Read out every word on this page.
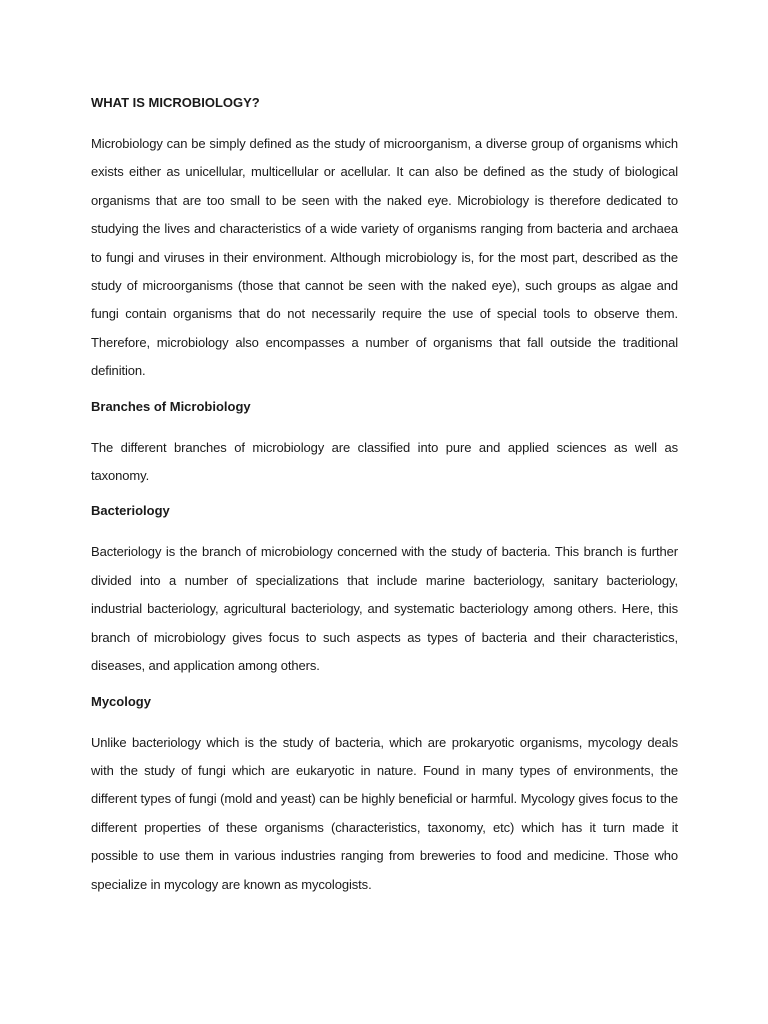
WHAT IS MICROBIOLOGY?

Microbiology can be simply defined as the study of microorganism, a diverse group of organisms which exists either as unicellular, multicellular or acellular. It can also be defined as the study of biological organisms that are too small to be seen with the naked eye. Microbiology is therefore dedicated to studying the lives and characteristics of a wide variety of organisms ranging from bacteria and archaea to fungi and viruses in their environment. Although microbiology is, for the most part, described as the study of microorganisms (those that cannot be seen with the naked eye), such groups as algae and fungi contain organisms that do not necessarily require the use of special tools to observe them. Therefore, microbiology also encompasses a number of organisms that fall outside the traditional definition.

Branches of Microbiology

The different branches of microbiology are classified into pure and applied sciences as well as taxonomy.

Bacteriology

Bacteriology is the branch of microbiology concerned with the study of bacteria. This branch is further divided into a number of specializations that include marine bacteriology, sanitary bacteriology, industrial bacteriology, agricultural bacteriology, and systematic bacteriology among others. Here, this branch of microbiology gives focus to such aspects as types of bacteria and their characteristics, diseases, and application among others.

Mycology

Unlike bacteriology which is the study of bacteria, which are prokaryotic organisms, mycology deals with the study of fungi which are eukaryotic in nature. Found in many types of environments, the different types of fungi (mold and yeast) can be highly beneficial or harmful. Mycology gives focus to the different properties of these organisms (characteristics, taxonomy, etc) which has it turn made it possible to use them in various industries ranging from breweries to food and medicine. Those who specialize in mycology are known as mycologists.
